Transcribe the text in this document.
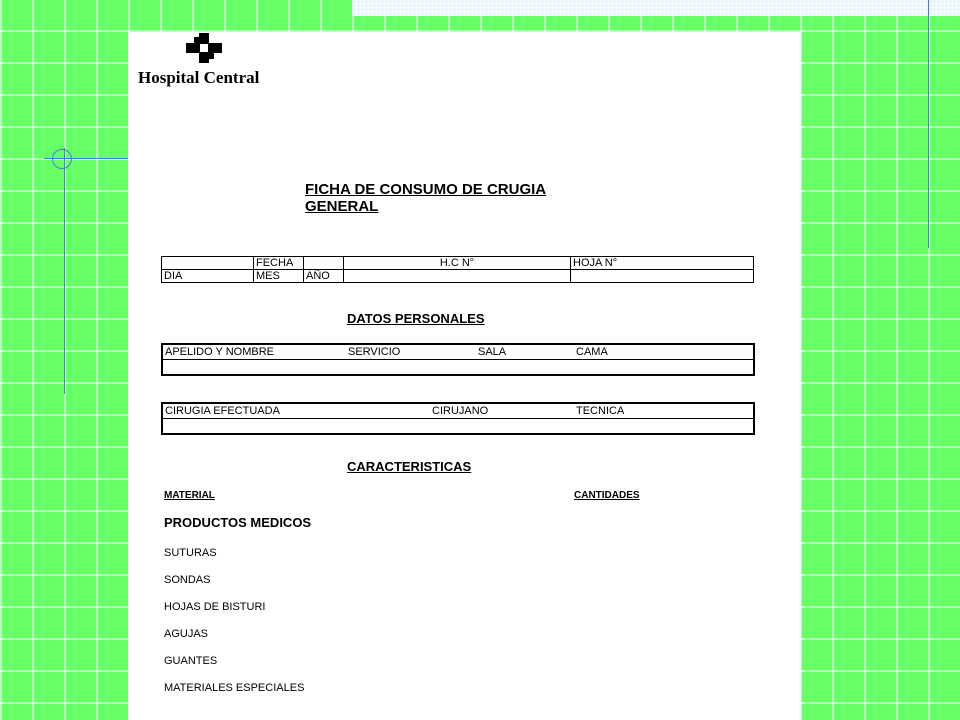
Hospital Central
FICHA DE CONSUMO DE CRUGIA
GENERAL
	FECHA		H.C N°	HOJA N°
DIA	MES	AÑO		
DATOS PERSONALES
APELIDO Y NOMBRE	SERVICIO	SALA	CAMA

CIRUGIA EFECTUADA	CIRUJANO	TECNICA

CARACTERISTICAS
MATERIAL	CANTIDADES
PRODUCTOS MEDICOS
SUTURAS
SONDAS
HOJAS DE BISTURI
AGUJAS
GUANTES
MATERIALES ESPECIALES
